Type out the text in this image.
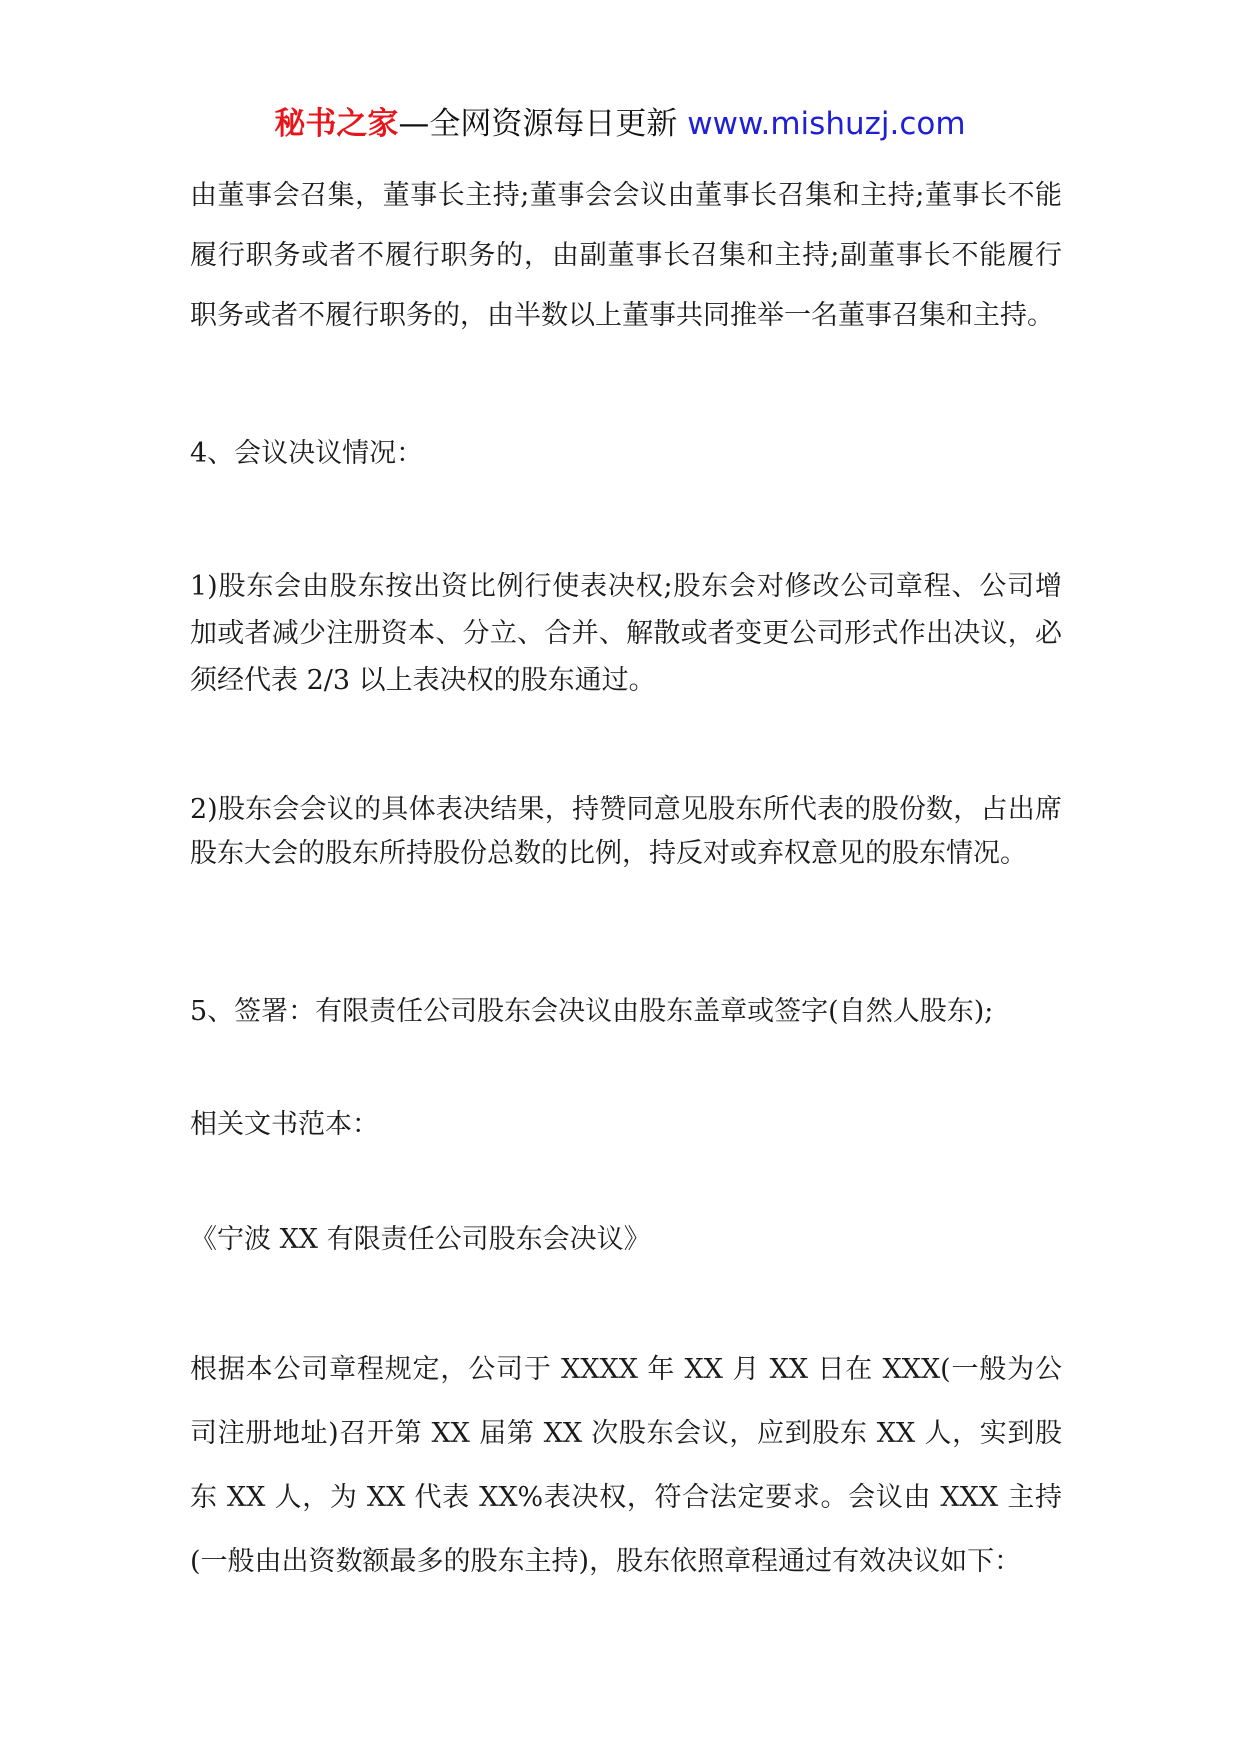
秘书之家—全网资源每日更新 www.mishuzj.com

由董事会召集，董事长主持;董事会会议由董事长召集和主持;董事长不能履行职务或者不履行职务的，由副董事长召集和主持;副董事长不能履行职务或者不履行职务的，由半数以上董事共同推举一名董事召集和主持。

4、会议决议情况：

1)股东会由股东按出资比例行使表决权;股东会对修改公司章程、公司增加或者减少注册资本、分立、合并、解散或者变更公司形式作出决议，必须经代表 2/3 以上表决权的股东通过。

2)股东会会议的具体表决结果，持赞同意见股东所代表的股份数，占出席股东大会的股东所持股份总数的比例，持反对或弃权意见的股东情况。

5、签署：有限责任公司股东会决议由股东盖章或签字(自然人股东);

相关文书范本：

《宁波 XX 有限责任公司股东会决议》

根据本公司章程规定，公司于 XXXX 年 XX 月 XX 日在 XXX(一般为公司注册地址)召开第 XX 届第 XX 次股东会议，应到股东 XX 人，实到股东 XX 人，为 XX 代表 XX%表决权，符合法定要求。会议由 XXX 主持(一般由出资数额最多的股东主持)，股东依照章程通过有效决议如下：
